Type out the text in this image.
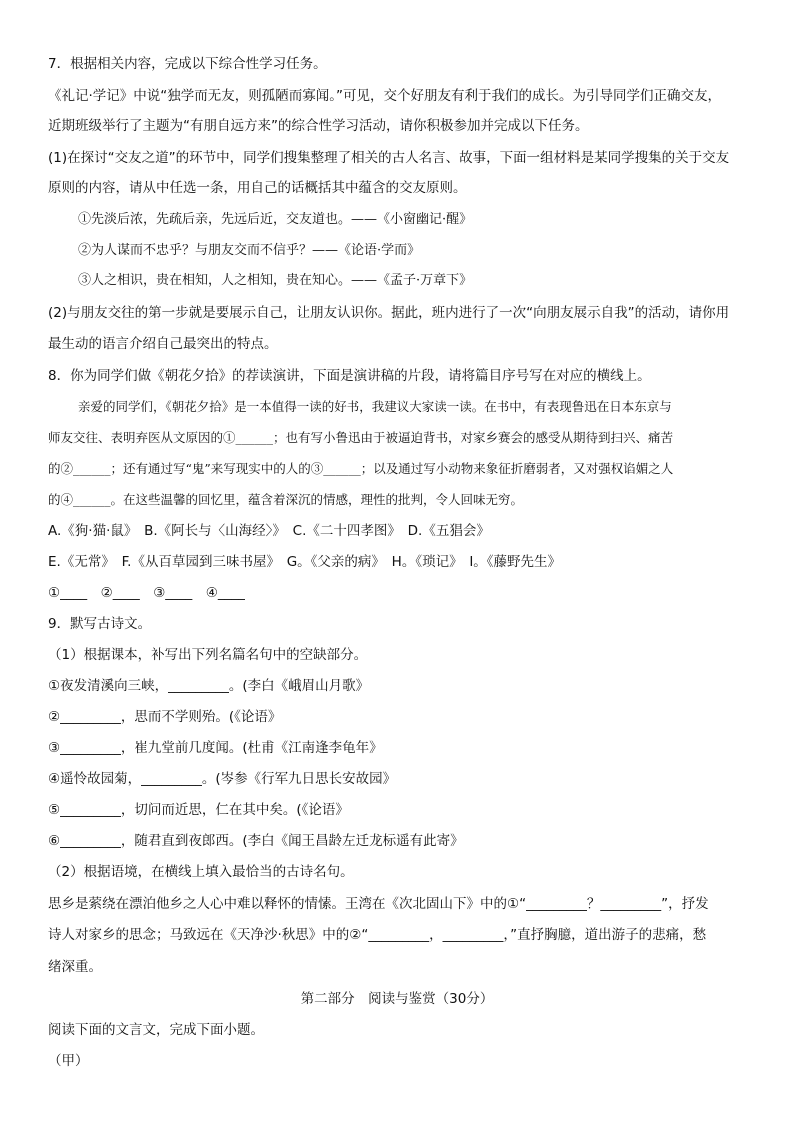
7．根据相关内容，完成以下综合性学习任务。
《礼记·学记》中说“独学而无友，则孤陋而寡闻。”可见，交个好朋友有利于我们的成长。为引导同学们正确交友，
近期班级举行了主题为“有朋自远方来”的综合性学习活动，请你积极参加并完成以下任务。
(1)在探讨“交友之道”的环节中，同学们搜集整理了相关的古人名言、故事，下面一组材料是某同学搜集的关于交友
原则的内容，请从中任选一条，用自己的话概括其中蕴含的交友原则。
①先淡后浓，先疏后亲，先远后近，交友道也。——《小窗幽记·醒》
②为人谋而不忠乎？与朋友交而不信乎？——《论语·学而》
③人之相识，贵在相知，人之相知，贵在知心。——《孟子·万章下》
(2)与朋友交往的第一步就是要展示自己，让朋友认识你。据此，班内进行了一次“向朋友展示自我”的活动，请你用
最生动的语言介绍自己最突出的特点。
8．你为同学们做《朝花夕拾》的荐读演讲，下面是演讲稿的片段，请将篇目序号写在对应的横线上。
亲爱的同学们，《朝花夕拾》是一本值得一读的好书，我建议大家读一读。在书中，有表现鲁迅在日本东京与
师友交往、表明弃医从文原因的①______；也有写小鲁迅由于被逼迫背书，对家乡赛会的感受从期待到扫兴、痛苦
的②______；还有通过写“鬼”来写现实中的人的③______；以及通过写小动物来象征折磨弱者，又对强权谄媚之人
的④______。在这些温馨的回忆里，蕴含着深沉的情感，理性的批判，令人回味无穷。
A.《狗·猫·鼠》　B.《阿长与〈山海经〉》　C.《二十四孝图》　D.《五猖会》
E.《无常》　F.《从百草园到三味书屋》　G。《父亲的病》　H。《琐记》　I。《藤野先生》
①____　②____　③____　④____
9．默写古诗文。
（1）根据课本，补写出下列名篇名句中的空缺部分。
①夜发清溪向三峡，_________。(李白《峨眉山月歌》
②_________，思而不学则殆。(《论语》
③_________，崔九堂前几度闻。(杜甫《江南逢李龟年》
④遥怜故园菊，_________。(岑参《行军九日思长安故园》
⑤_________，切问而近思，仁在其中矣。(《论语》
⑥_________，随君直到夜郎西。(李白《闻王昌龄左迁龙标遥有此寄》
（2）根据语境，在横线上填入最恰当的古诗名句。
思乡是萦绕在漂泊他乡之人心中难以释怀的情愫。王湾在《次北固山下》中的①“_________？_________”，抒发
诗人对家乡的思念；马致远在《天净沙·秋思》中的②“_________，_________，”直抒胸臆，道出游子的悲痛，愁
绪深重。
第二部分　阅读与鉴赏（30分）
阅读下面的文言文，完成下面小题。
（甲）
